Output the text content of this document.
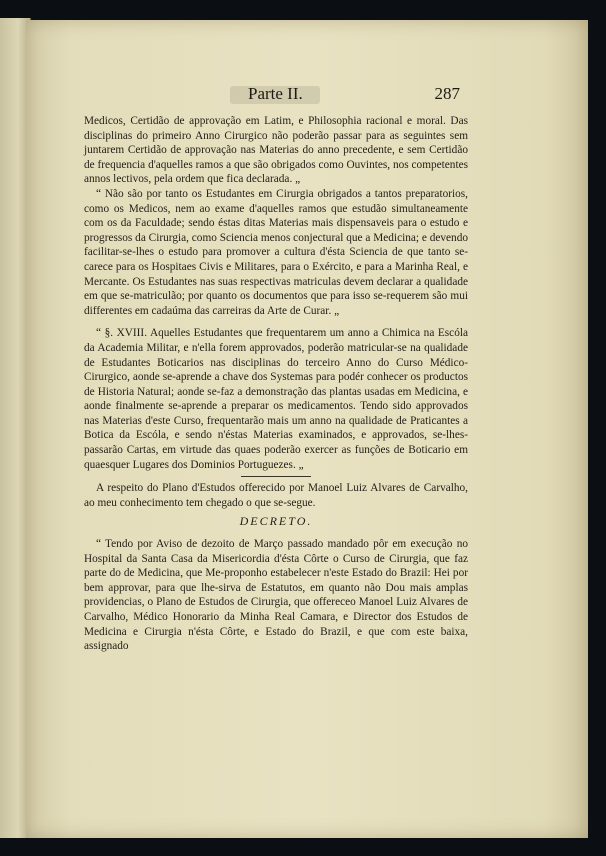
Parte II.	287

Medicos, Certidão de approvação em Latim, e Philosophia racional e moral. Das disciplinas do primeiro Anno Cirurgico não poderão passar para as seguintes sem juntarem Certidão de approvação nas Materias do anno precedente, e sem Certidão de frequencia d'aquelles ramos a que são obrigados como Ouvintes, nos competentes annos lectivos, pela ordem que fica declarada. „

“ Não são por tanto os Estudantes em Cirurgia obrigados a tantos preparatorios, como os Medicos, nem ao exame d'aquelles ramos que estudão simultaneamente com os da Faculdade; sendo éstas ditas Materias mais dispensaveis para o estudo e progressos da Cirurgia, como Sciencia menos conjectural que a Medicina; e devendo facilitar-se-lhes o estudo para promover a cultura d'ésta Sciencia de que tanto se-carece para os Hospitaes Civis e Militares, para o Exército, e para a Marinha Real, e Mercante. Os Estudantes nas suas respectivas matriculas devem declarar a qualidade em que se-matriculão; por quanto os documentos que para isso se-requerem são mui differentes em cadaúma das carreiras da Arte de Curar. „

“ §. XVIII. Aquelles Estudantes que frequentarem um anno a Chimica na Escóla da Academia Militar, e n'ella forem approvados, poderão matricular-se na qualidade de Estudantes Boticarios nas disciplinas do terceiro Anno do Curso Médico-Cirurgico, aonde se-aprende a chave dos Systemas para podér conhecer os productos de Historia Natural; aonde se-faz a demonstração das plantas usadas em Medicina, e aonde finalmente se-aprende a preparar os medicamentos. Tendo sido approvados nas Materias d'este Curso, frequentarão mais um anno na qualidade de Praticantes a Botica da Escóla, e sendo n'éstas Materias examinados, e approvados, se-lhes-passarão Cartas, em virtude das quaes poderão exercer as funções de Boticario em quaesquer Lugares dos Dominios Portuguezes. „

A respeito do Plano d'Estudos offerecido por Manoel Luiz Alvares de Carvalho, ao meu conhecimento tem chegado o que se-segue.

DECRETO.

“ Tendo por Aviso de dezoito de Março passado mandado pôr em execução no Hospital da Santa Casa da Misericordia d'ésta Côrte o Curso de Cirurgia, que faz parte do de Medicina, que Me-proponho estabelecer n'este Estado do Brazil: Hei por bem approvar, para que lhe-sirva de Estatutos, em quanto não Dou mais amplas providencias, o Plano de Estudos de Cirurgia, que offereceo Manoel Luiz Alvares de Carvalho, Médico Honorario da Minha Real Camara, e Director dos Estudos de Medicina e Cirurgia n'ésta Côrte, e Estado do Brazil, e que com este baixa, assignado
